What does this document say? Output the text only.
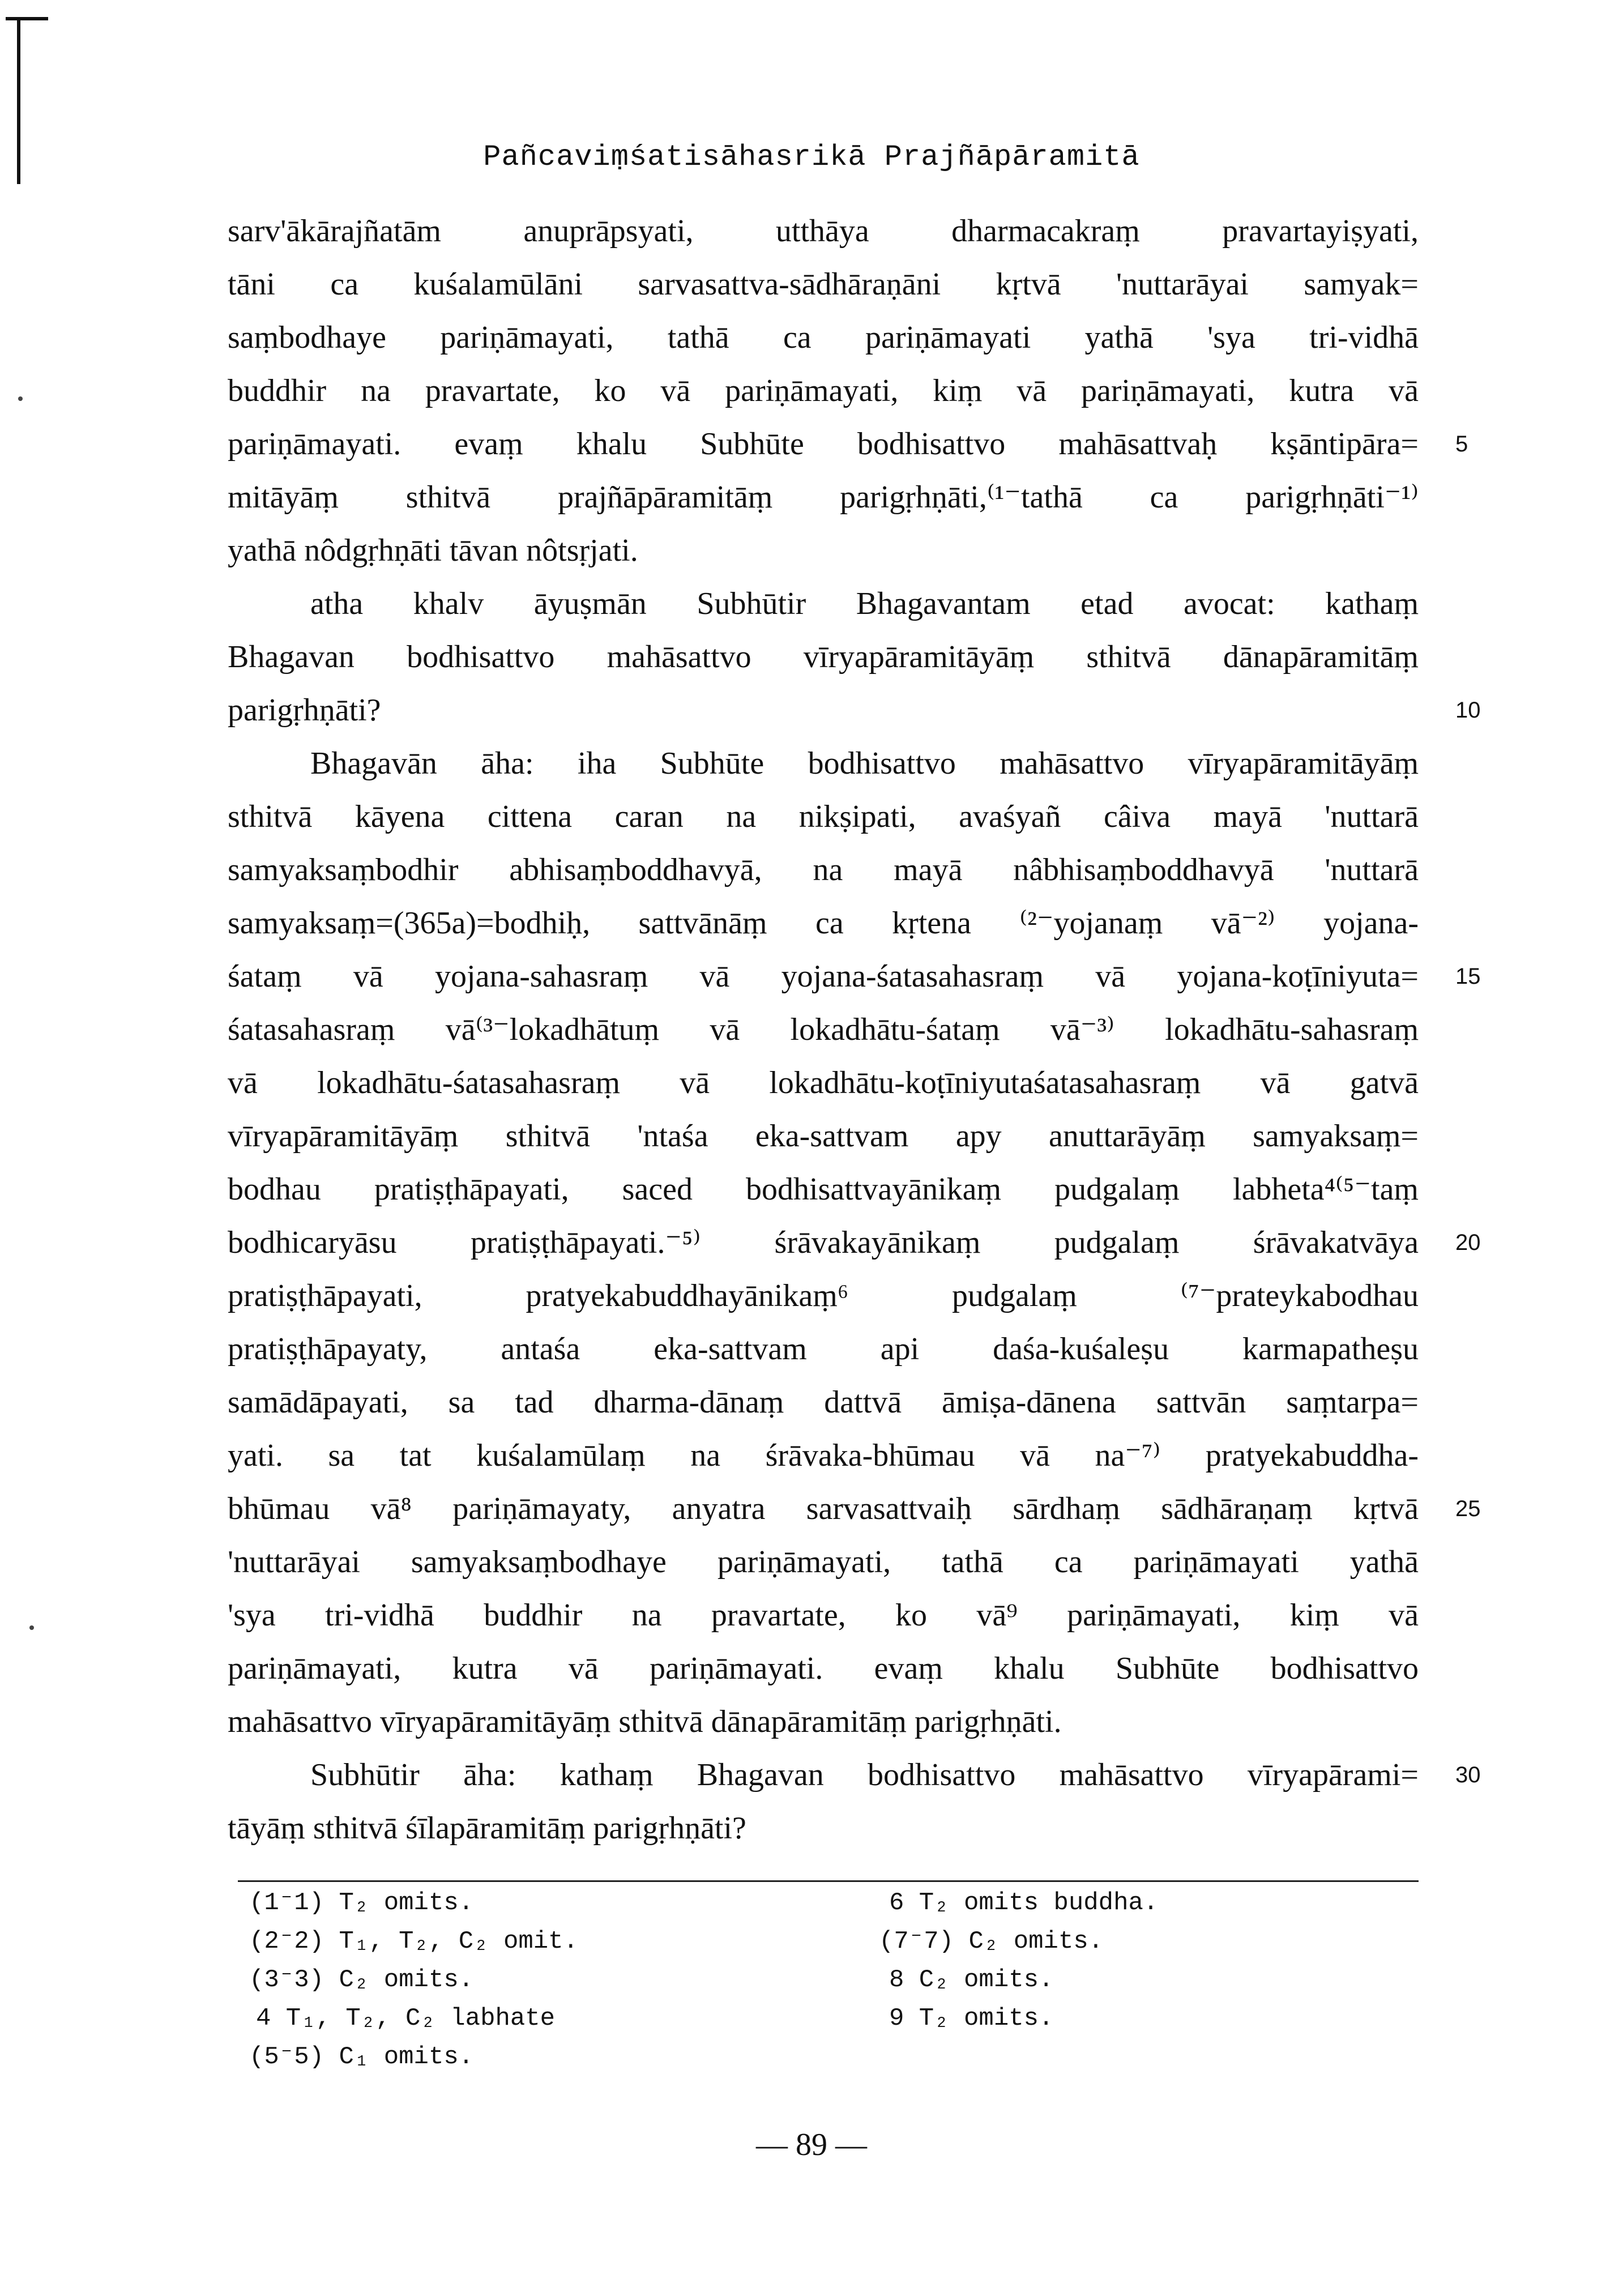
Pañcaviṃśatisāhasrikā Prajñāpāramitā
sarv'ākārajñatām anuprāpsyati, utthāya dharmacakraṃ pravartayiṣyati,
tāni ca kuśalamūlāni sarvasattva-sādhāraṇāni kṛtvā 'nuttarāyai samyak=
saṃbodhaye pariṇāmayati, tathā ca pariṇāmayati yathā 'sya tri-vidhā
buddhir na pravartate, ko vā pariṇāmayati, kiṃ vā pariṇāmayati, kutra vā
pariṇāmayati. evaṃ khalu Subhūte bodhisattvo mahāsattvaḥ kṣāntipāra=
mitāyāṃ sthitvā prajñāpāramitāṃ parigṛhṇāti,⁽¹⁻tathā ca parigṛhṇāti⁻¹⁾
yathā nôdgṛhṇāti tāvan nôtsṛjati.
atha khalv āyuṣmān Subhūtir Bhagavantam etad avocat: kathaṃ
Bhagavan bodhisattvo mahāsattvo vīryapāramitāyāṃ sthitvā dānapāramitāṃ
parigṛhṇāti?
Bhagavān āha: iha Subhūte bodhisattvo mahāsattvo vīryapāramitāyāṃ
sthitvā kāyena cittena caran na nikṣipati, avaśyañ câiva mayā 'nuttarā
samyaksaṃbodhir abhisaṃboddhavyā, na mayā nâbhisaṃboddhavyā 'nuttarā
samyaksaṃ=(365a)=bodhiḥ, sattvānāṃ ca kṛtena ⁽²⁻yojanaṃ vā⁻²⁾ yojana-
śataṃ vā yojana-sahasraṃ vā yojana-śatasahasraṃ vā yojana-koṭīniyuta=
śatasahasraṃ vā⁽³⁻lokadhātuṃ vā lokadhātu-śataṃ vā⁻³⁾ lokadhātu-sahasraṃ
vā lokadhātu-śatasahasraṃ vā lokadhātu-koṭīniyutaśatasahasraṃ vā gatvā
vīryapāramitāyāṃ sthitvā 'ntaśa eka-sattvam apy anuttarāyāṃ samyaksaṃ=
bodhau pratiṣṭhāpayati, saced bodhisattvayānikaṃ pudgalaṃ labheta⁴⁽⁵⁻taṃ
bodhicaryāsu pratiṣṭhāpayati.⁻⁵⁾ śrāvakayānikaṃ pudgalaṃ śrāvakatvāya
pratiṣṭhāpayati, pratyekabuddhayānikaṃ⁶ pudgalaṃ ⁽⁷⁻prateykabodhau
pratiṣṭhāpayaty, antaśa eka-sattvam api daśa-kuśaleṣu karmapatheṣu
samādāpayati, sa tad dharma-dānaṃ dattvā āmiṣa-dānena sattvān saṃtarpa=
yati. sa tat kuśalamūlaṃ na śrāvaka-bhūmau vā na⁻⁷⁾ pratyekabuddha-
bhūmau vā⁸ pariṇāmayaty, anyatra sarvasattvaiḥ sārdhaṃ sādhāraṇaṃ kṛtvā
'nuttarāyai samyaksaṃbodhaye pariṇāmayati, tathā ca pariṇāmayati yathā
'sya tri-vidhā buddhir na pravartate, ko vā⁹ pariṇāmayati, kiṃ vā
pariṇāmayati, kutra vā pariṇāmayati. evaṃ khalu Subhūte bodhisattvo
mahāsattvo vīryapāramitāyāṃ sthitvā dānapāramitāṃ parigṛhṇāti.
Subhūtir āha: kathaṃ Bhagavan bodhisattvo mahāsattvo vīryapārami=
tāyāṃ sthitvā śīlapāramitāṃ parigṛhṇāti?
5
10
15
20
25
30
(1⁻1) T₂ omits.
(2⁻2) T₁, T₂, C₂ omit.
(3⁻3) C₂ omits.
4 T₁, T₂, C₂ labhate
(5⁻5) C₁ omits.
6 T₂ omits buddha.
(7⁻7) C₂ omits.
8 C₂ omits.
9 T₂ omits.
— 89 —
